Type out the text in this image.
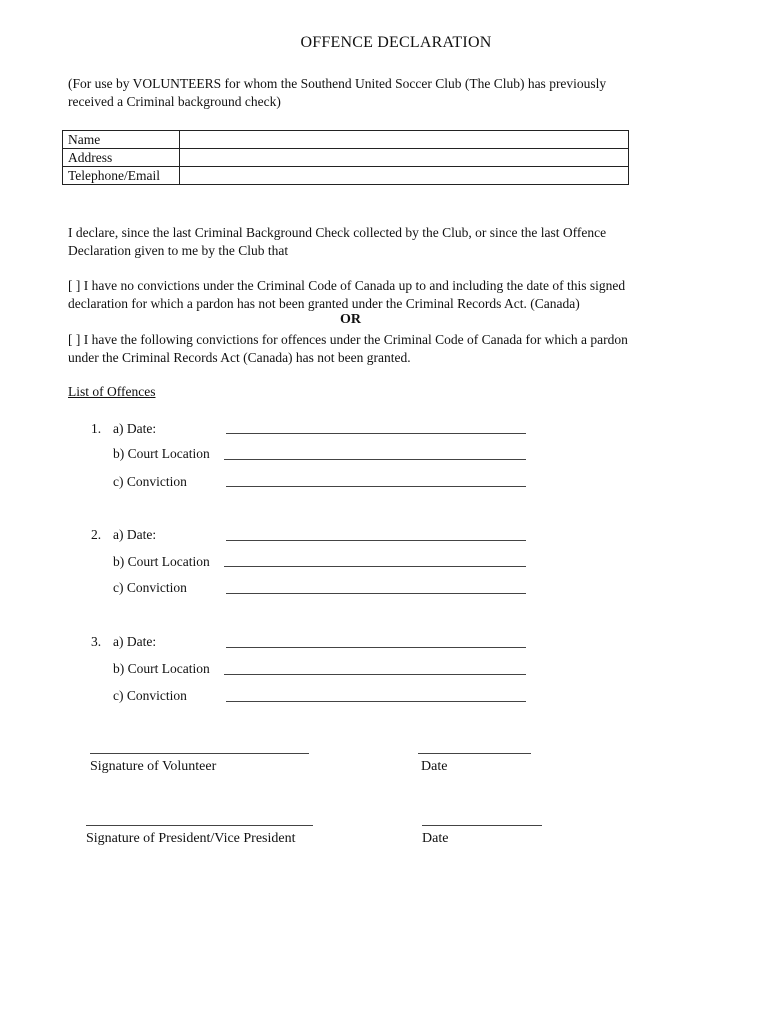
OFFENCE DECLARATION
(For use by VOLUNTEERS for whom the Southend United Soccer Club (The Club) has previously
received a Criminal background check)
Name	
Address	
Telephone/Email	
I declare, since the last Criminal Background Check collected by the Club, or since the last Offence
Declaration given to me by the Club that
[ ] I have no convictions under the Criminal Code of Canada up to and including the date of this signed
declaration for which a pardon has not been granted under the Criminal Records Act. (Canada)
OR
[ ] I have the following convictions for offences under the Criminal Code of Canada for which a pardon
under the Criminal Records Act (Canada) has not been granted.
List of Offences
1. a) Date:
b) Court Location
c) Conviction
2. a) Date:
b) Court Location
c) Conviction
3. a) Date:
b) Court Location
c) Conviction
Signature of Volunteer	Date
Signature of President/Vice President	Date
